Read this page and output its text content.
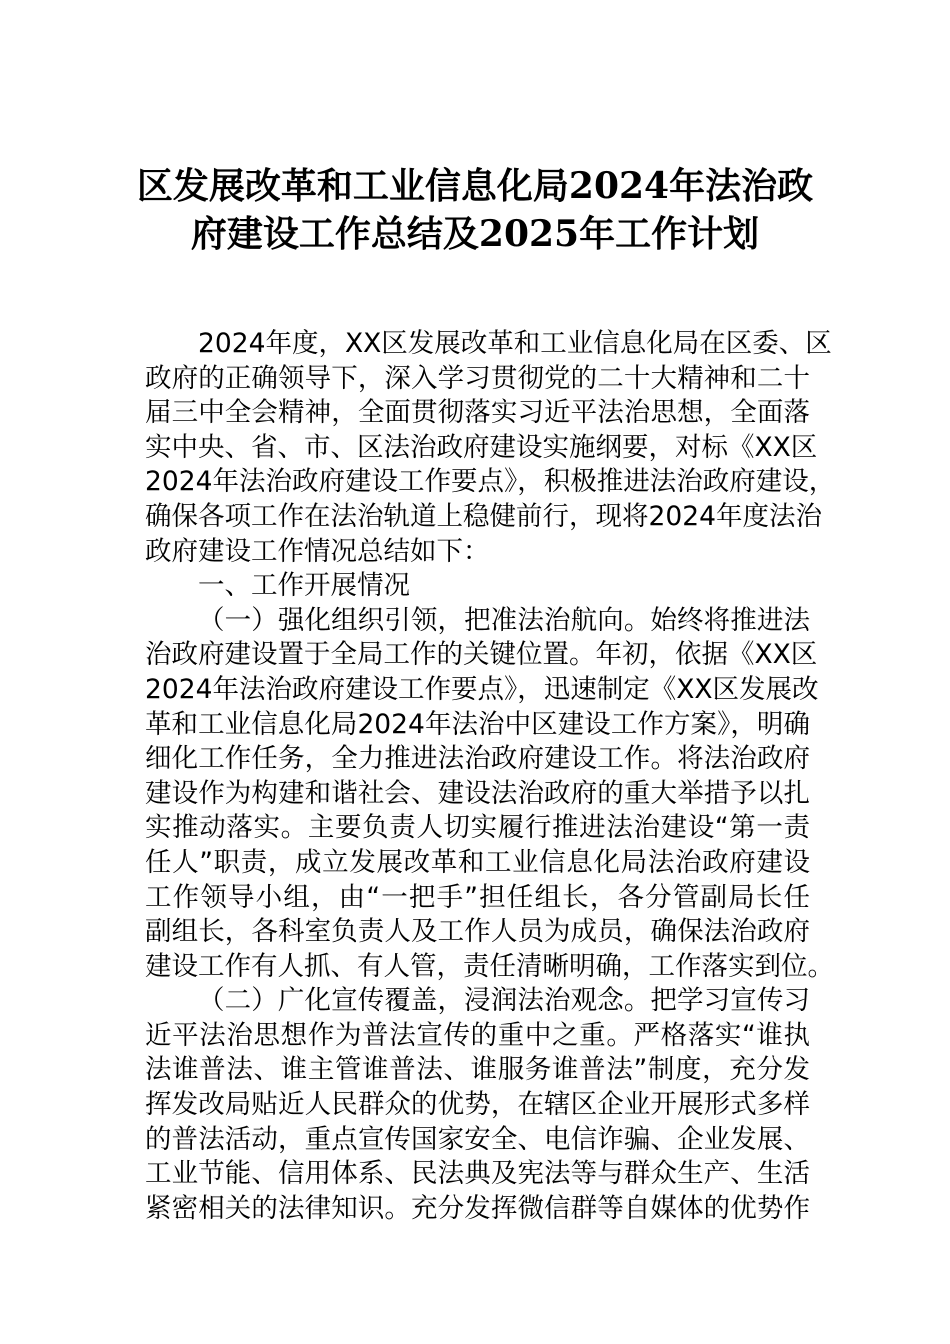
区发展改革和工业信息化局2024年法治政
府建设工作总结及2025年工作计划
2024年度，XX区发展改革和工业信息化局在区委、区
政府的正确领导下，深入学习贯彻党的二十大精神和二十
届三中全会精神，全面贯彻落实习近平法治思想，全面落
实中央、省、市、区法治政府建设实施纲要，对标《XX区
2024年法治政府建设工作要点》，积极推进法治政府建设，
确保各项工作在法治轨道上稳健前行，现将2024年度法治
政府建设工作情况总结如下：
一、工作开展情况
（一）强化组织引领，把准法治航向。始终将推进法
治政府建设置于全局工作的关键位置。年初，依据《XX区
2024年法治政府建设工作要点》，迅速制定《XX区发展改
革和工业信息化局2024年法治中区建设工作方案》，明确
细化工作任务，全力推进法治政府建设工作。将法治政府
建设作为构建和谐社会、建设法治政府的重大举措予以扎
实推动落实。主要负责人切实履行推进法治建设“第一责
任人”职责，成立发展改革和工业信息化局法治政府建设
工作领导小组，由“一把手”担任组长，各分管副局长任
副组长，各科室负责人及工作人员为成员，确保法治政府
建设工作有人抓、有人管，责任清晰明确，工作落实到位。
（二）广化宣传覆盖，浸润法治观念。把学习宣传习
近平法治思想作为普法宣传的重中之重。严格落实“谁执
法谁普法、谁主管谁普法、谁服务谁普法”制度，充分发
挥发改局贴近人民群众的优势，在辖区企业开展形式多样
的普法活动，重点宣传国家安全、电信诈骗、企业发展、
工业节能、信用体系、民法典及宪法等与群众生产、生活
紧密相关的法律知识。充分发挥微信群等自媒体的优势作
